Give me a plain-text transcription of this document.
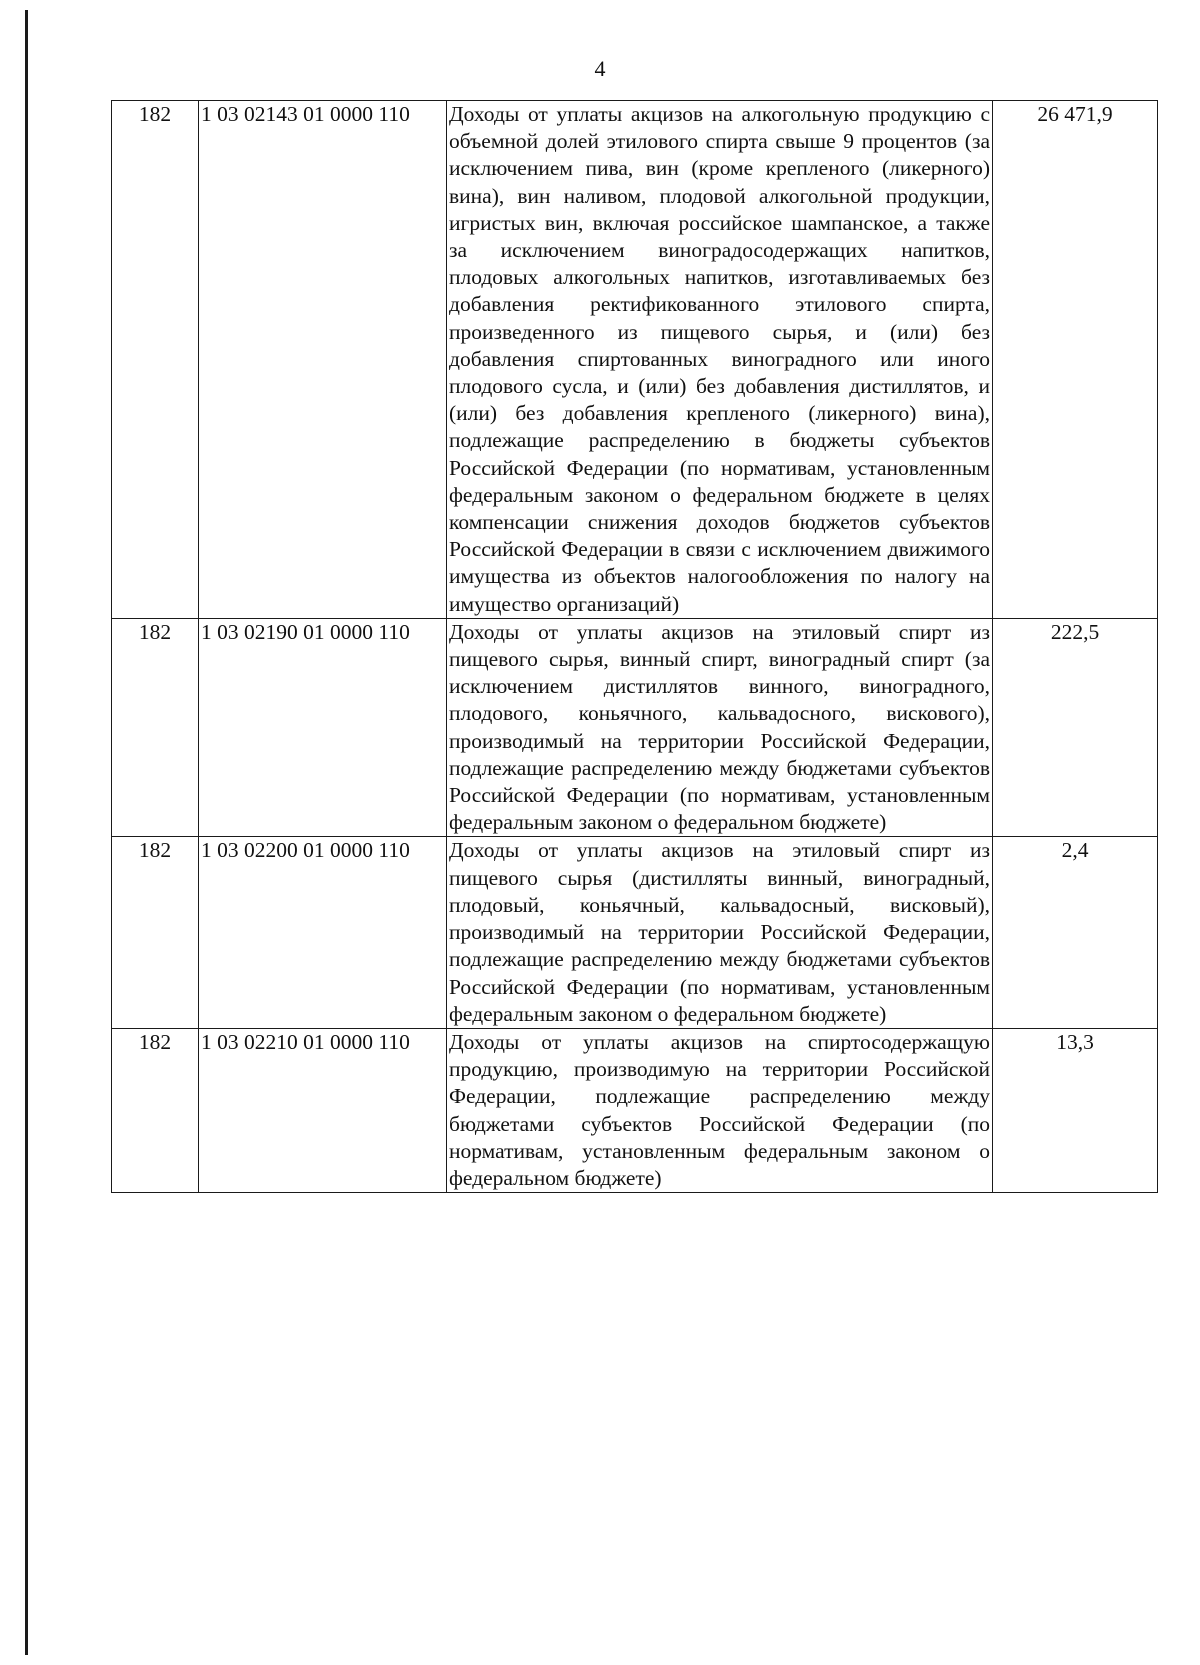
4
182	1 03 02143 01 0000 110	Доходы от уплаты акцизов на алкогольную продукцию с объемной долей этилового спирта свыше 9 процентов (за исключением пива, вин (кроме крепленого (ликерного) вина), вин наливом, плодовой алкогольной продукции, игристых вин, включая российское шампанское, а также за исключением виноградосодержащих напитков, плодовых алкогольных напитков, изготавливаемых без добавления ректификованного этилового спирта, произведенного из пищевого сырья, и (или) без добавления спиртованных виноградного или иного плодового сусла, и (или) без добавления дистиллятов, и (или) без добавления крепленого (ликерного) вина), подлежащие распределению в бюджеты субъектов Российской Федерации (по нормативам, установленным федеральным законом о федеральном бюджете в целях компенсации снижения доходов бюджетов субъектов Российской Федерации в связи с исключением движимого имущества из объектов налогообложения по налогу на имущество организаций)	26 471,9
182	1 03 02190 01 0000 110	Доходы от уплаты акцизов на этиловый спирт из пищевого сырья, винный спирт, виноградный спирт (за исключением дистиллятов винного, виноградного, плодового, коньячного, кальвадосного, вискового), производимый на территории Российской Федерации, подлежащие распределению между бюджетами субъектов Российской Федерации (по нормативам, установленным федеральным законом о федеральном бюджете)	222,5
182	1 03 02200 01 0000 110	Доходы от уплаты акцизов на этиловый спирт из пищевого сырья (дистилляты винный, виноградный, плодовый, коньячный, кальвадосный, висковый), производимый на территории Российской Федерации, подлежащие распределению между бюджетами субъектов Российской Федерации (по нормативам, установленным федеральным законом о федеральном бюджете)	2,4
182	1 03 02210 01 0000 110	Доходы от уплаты акцизов на спиртосодержащую продукцию, производимую на территории Российской Федерации, подлежащие распределению между бюджетами субъектов Российской Федерации (по нормативам, установленным федеральным законом о федеральном бюджете)	13,3
